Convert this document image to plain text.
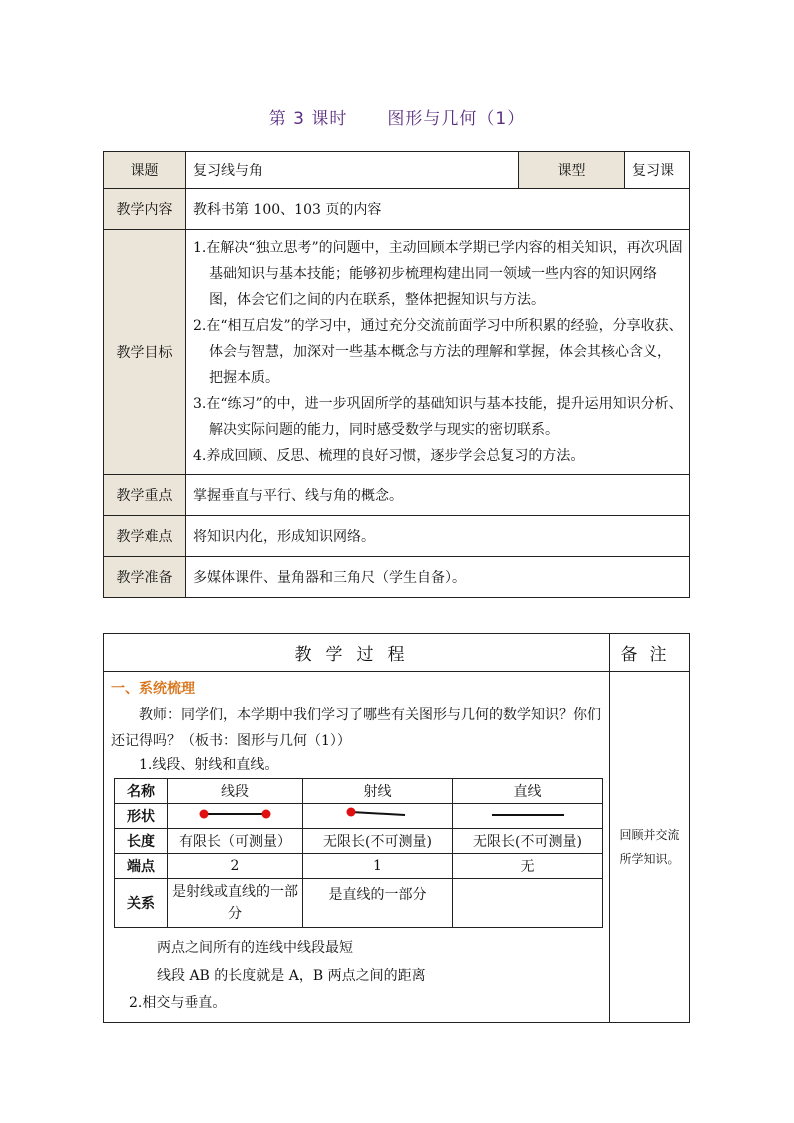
第 3 课时 图形与几何（1）
课题	复习线与角	课型	复习课
教学内容	教科书第 100、103 页的内容		
教学目标	1.在解决“独立思考”的问题中，主动回顾本学期已学内容的相关知识，再次巩固基础知识与基本技能；能够初步梳理构建出同一领域一些内容的知识网络图，体会它们之间的内在联系，整体把握知识与方法。

2.在“相互启发”的学习中，通过充分交流前面学习中所积累的经验，分享收获、体会与智慧，加深对一些基本概念与方法的理解和掌握，体会其核心含义，把握本质。

3.在“练习”的中，进一步巩固所学的基础知识与基本技能，提升运用知识分析、解决实际问题的能力，同时感受数学与现实的密切联系。

4.养成回顾、反思、梳理的良好习惯，逐步学会总复习的方法。		

教学重点	掌握垂直与平行、线与角的概念。		
教学难点	将知识内化，形成知识网络。		
教学准备	多媒体课件、量角器和三角尺（学生自备）。		
教学过程	备注

一、系统梳理

教师：同学们，本学期中我们学习了哪些有关图形与几何的数学知识？你们还记得吗？（板书：图形与几何（1））

1.线段、射线和直线。

名称	线段	射线	直线
形状			
长度	有限长（可测量）	无限长(不可测量)	无限长(不可测量)
端点	2	1	无
关系	是射线或直线的一部分	是直线的一部分	

两点之间所有的连线中线段最短

线段 AB 的长度就是 A，B 两点之间的距离

2.相交与垂直。

	回顾并交流所学知识。
